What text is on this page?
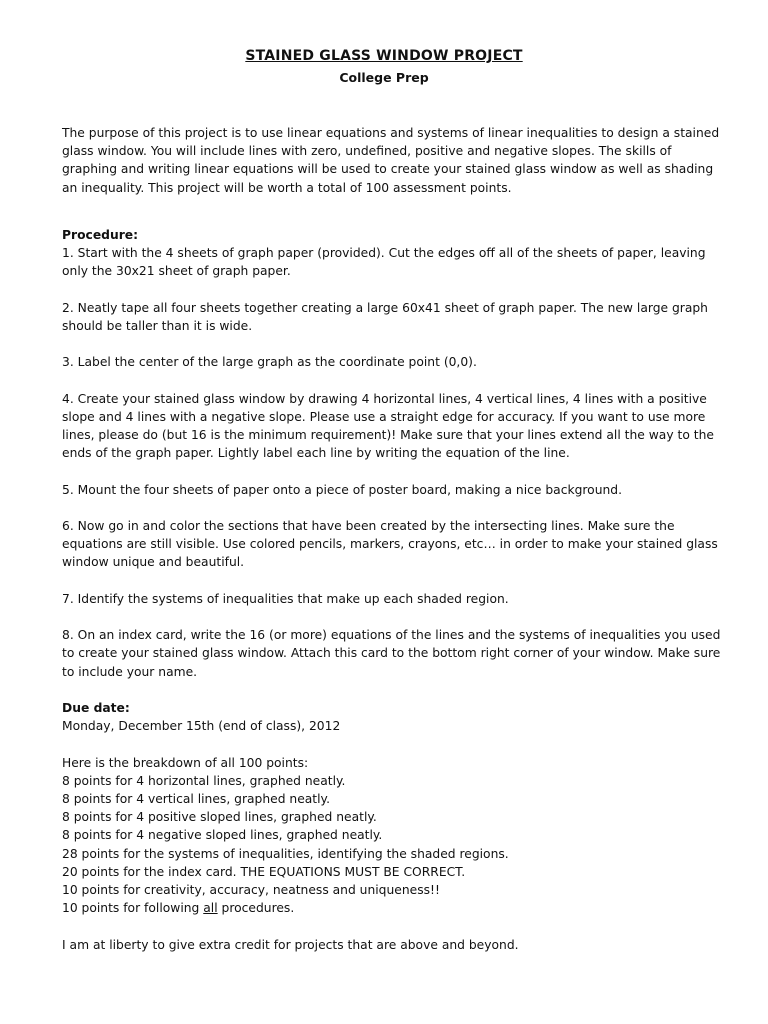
STAINED GLASS WINDOW PROJECT
College Prep

The purpose of this project is to use linear equations and systems of linear inequalities to design a stained glass window. You will include lines with zero, undefined, positive and negative slopes. The skills of graphing and writing linear equations will be used to create your stained glass window as well as shading an inequality. This project will be worth a total of 100 assessment points.

Procedure:

1. Start with the 4 sheets of graph paper (provided). Cut the edges off all of the sheets of paper, leaving only the 30x21 sheet of graph paper.

2. Neatly tape all four sheets together creating a large 60x41 sheet of graph paper. The new large graph should be taller than it is wide.

3. Label the center of the large graph as the coordinate point (0,0).

4. Create your stained glass window by drawing 4 horizontal lines, 4 vertical lines, 4 lines with a positive slope and 4 lines with a negative slope. Please use a straight edge for accuracy. If you want to use more lines, please do (but 16 is the minimum requirement)! Make sure that your lines extend all the way to the ends of the graph paper. Lightly label each line by writing the equation of the line.

5. Mount the four sheets of paper onto a piece of poster board, making a nice background.

6. Now go in and color the sections that have been created by the intersecting lines. Make sure the equations are still visible. Use colored pencils, markers, crayons, etc… in order to make your stained glass window unique and beautiful.

7. Identify the systems of inequalities that make up each shaded region.

8. On an index card, write the 16 (or more) equations of the lines and the systems of inequalities you used to create your stained glass window. Attach this card to the bottom right corner of your window. Make sure to include your name.

Due date:

Monday, December 15th (end of class), 2012

Here is the breakdown of all 100 points:

8 points for 4 horizontal lines, graphed neatly.

8 points for 4 vertical lines, graphed neatly.

8 points for 4 positive sloped lines, graphed neatly.

8 points for 4 negative sloped lines, graphed neatly.

28 points for the systems of inequalities, identifying the shaded regions.

20 points for the index card. THE EQUATIONS MUST BE CORRECT.

10 points for creativity, accuracy, neatness and uniqueness!!

10 points for following all procedures.

I am at liberty to give extra credit for projects that are above and beyond.
